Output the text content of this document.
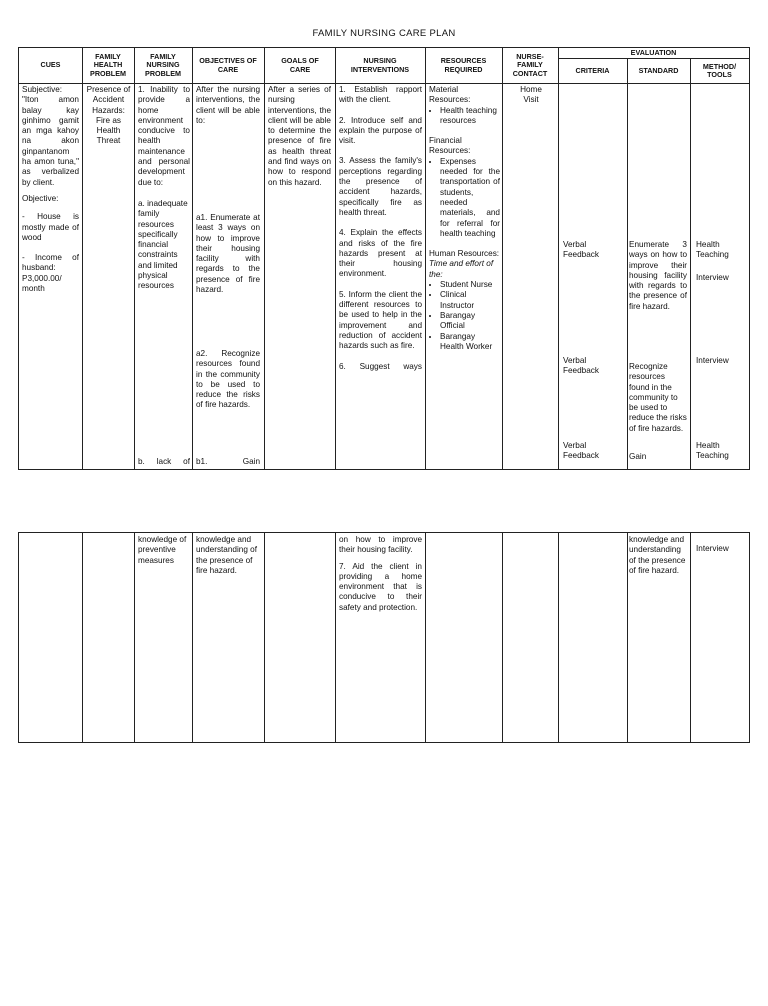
FAMILY NURSING CARE PLAN
CUES
FAMILY HEALTH PROBLEM
FAMILY NURSING PROBLEM
OBJECTIVES OF CARE
GOALS OF CARE
NURSING INTERVENTIONS
RESOURCES REQUIRED
NURSE-FAMILY CONTACT
EVALUATION
CRITERIA	STANDARD	METHOD/ TOOLS

Subjective:

"Iton amon balay kay ginhimo gamit an mga kahoy na akon ginpantanom ha amon tuna," as verbalized by client.

Objective:

- House is mostly made of wood

- Income of husband: P3,000.00/ month

Presence of Accident Hazards: Fire as Health Threat

1. Inability to provide a home environment conducive to health maintenance and personal development due to:

a. inadequate family resources specifically financial constraints and limited physical resources

b. lack of

After the nursing interventions, the client will be able to:

a1. Enumerate at least 3 ways on how to improve their housing facility with regards to the presence of fire hazard.

a2. Recognize resources found in the community to be used to reduce the risks of fire hazards.

b1. Gain

After a series of nursing interventions, the client will be able to determine the presence of fire as health threat and find ways on how to respond on this hazard.

1. Establish rapport with the client.

2. Introduce self and explain the purpose of visit.

3. Assess the family's perceptions regarding the presence of accident hazards, specifically fire as health threat.

4. Explain the effects and risks of the fire hazards present at their housing environment.

5. Inform the client the different resources to be used to help in the improvement and reduction of accident hazards such as fire.

6. Suggest ways

Material Resources:

• Health teaching resources

Financial Resources:

• Expenses needed for the transportation of students, needed materials, and for referral for health teaching

Human Resources:

Time and effort of the:

• Student Nurse
• Clinical Instructor
• Barangay Official
• Barangay Health Worker
Home Visit
Verbal Feedback
Verbal Feedback
Verbal Feedback
Enumerate 3 ways on how to improve their housing facility with regards to the presence of fire hazard.
Recognize resources found in the community to be used to reduce the risks of fire hazards.
Gain
Health Teaching
Interview
Interview
Health Teaching
knowledge of preventive measures
knowledge and understanding of the presence of fire hazard.

on how to improve their housing facility.

7. Aid the client in providing a home environment that is conducive to their safety and protection.

knowledge and understanding of the presence of fire hazard.
Interview
